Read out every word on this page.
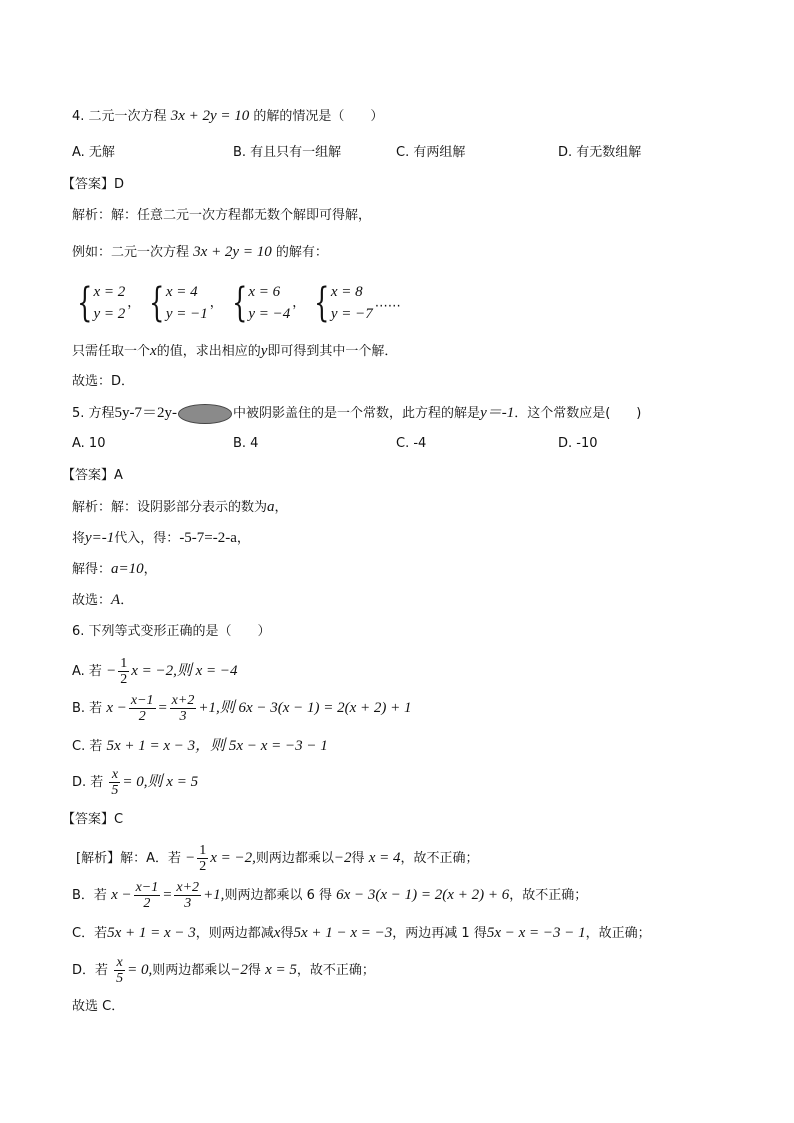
4. 二元一次方程 3x + 2y = 10 的解的情况是（　　）
A. 无解	B. 有且只有一组解	C. 有两组解	D. 有无数组解
【答案】D
解析：解：任意二元一次方程都无数个解即可得解，
例如：二元一次方程 3x + 2y = 10 的解有：
{ x = 2
y = 2
， { x = 4
y = −1
， { x = 6
y = −4
， { x = 8
y = −7
……
只需任取一个x的值，求出相应的y即可得到其中一个解．
故选：D．
5. 方程5y-7＝2y-	中被阴影盖住的是一个常数，此方程的解是y＝-1．这个常数应是(　　)
A. 10	B. 4	C. -4	D. -10
【答案】A
解析：解：设阴影部分表示的数为a，
将y=-1代入，得：-5-7=-2-a，
解得：a=10，
故选：A．
6. 下列等式变形正确的是（　　）
A. 若 − $\frac{1}{2}$ x = −2,则 x = −4
B. 若 $x - \frac{x-1}{2} = \frac{x+2}{3} +1$,则 6x − 3(x − 1) = 2(x + 2) + 1
C. 若 5x + 1 = x − 3，则 5x − x = −3 − 1
D. 若 $\frac{x}{5} = 0$,则 x = 5
【答案】C
[解析】解：A．若 − $\frac{1}{2}$ x = −2,则两边都乘以−2得 x = 4，故不正确；
B．若 $x - \frac{x-1}{2} = \frac{x+2}{3} +1$,则两边都乘以 6 得 6x − 3(x − 1) = 2(x + 2) + 6，故不正确；
C．若5x + 1 = x − 3，则两边都减x得5x + 1 − x = −3，两边再减 1 得5x − x = −3 − 1，故正确；
D．若 $\frac{x}{5} = 0$,则两边都乘以−2得 x = 5，故不正确；
故选 C．
